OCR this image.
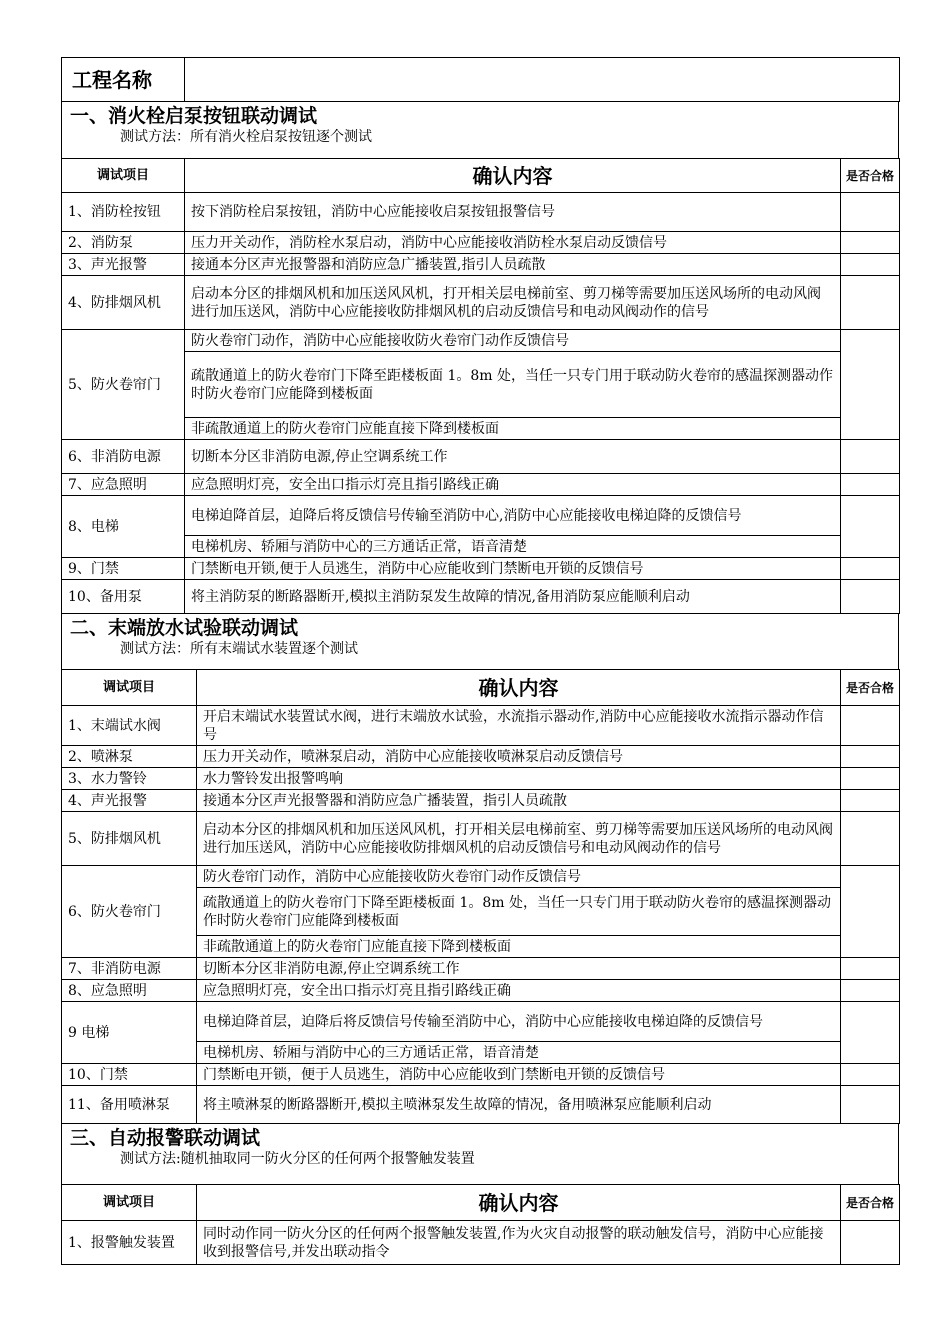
工程名称	
一、消火栓启泵按钮联动调试
测试方法：所有消火栓启泵按钮逐个测试
调试项目	确认内容	是否合格
1、消防栓按钮	按下消防栓启泵按钮，消防中心应能接收启泵按钮报警信号	
2、消防泵	压力开关动作，消防栓水泵启动，消防中心应能接收消防栓水泵启动反馈信号	
3、声光报警	接通本分区声光报警器和消防应急广播装置,指引人员疏散	
4、防排烟风机	启动本分区的排烟风机和加压送风风机，打开相关层电梯前室、剪刀梯等需要加压送风场所的电动风阀进行加压送风，消防中心应能接收防排烟风机的启动反馈信号和电动风阀动作的信号	
5、防火卷帘门	防火卷帘门动作，消防中心应能接收防火卷帘门动作反馈信号	
	疏散通道上的防火卷帘门下降至距楼板面 1。8m 处，当任一只专门用于联动防火卷帘的感温探测器动作时防火卷帘门应能降到楼板面	
	非疏散通道上的防火卷帘门应能直接下降到楼板面	
6、非消防电源	切断本分区非消防电源,停止空调系统工作	
7、应急照明	应急照明灯亮，安全出口指示灯亮且指引路线正确	
8、电梯	电梯迫降首层，迫降后将反馈信号传输至消防中心,消防中心应能接收电梯迫降的反馈信号	
	电梯机房、轿厢与消防中心的三方通话正常，语音清楚	
9、门禁	门禁断电开锁,便于人员逃生，消防中心应能收到门禁断电开锁的反馈信号	
10、备用泵	将主消防泵的断路器断开,模拟主消防泵发生故障的情况,备用消防泵应能顺利启动	
二、末端放水试验联动调试
测试方法：所有末端试水装置逐个测试
调试项目	确认内容	是否合格
1、末端试水阀	开启末端试水装置试水阀，进行末端放水试验，水流指示器动作,消防中心应能接收水流指示器动作信号	
2、喷淋泵	压力开关动作，喷淋泵启动，消防中心应能接收喷淋泵启动反馈信号	
3、水力警铃	水力警铃发出报警鸣响	
4、声光报警	接通本分区声光报警器和消防应急广播装置，指引人员疏散	
5、防排烟风机	启动本分区的排烟风机和加压送风风机，打开相关层电梯前室、剪刀梯等需要加压送风场所的电动风阀进行加压送风，消防中心应能接收防排烟风机的启动反馈信号和电动风阀动作的信号	
6、防火卷帘门	防火卷帘门动作，消防中心应能接收防火卷帘门动作反馈信号	
	疏散通道上的防火卷帘门下降至距楼板面 1。8m 处，当任一只专门用于联动防火卷帘的感温探测器动作时防火卷帘门应能降到楼板面	
	非疏散通道上的防火卷帘门应能直接下降到楼板面	
7、非消防电源	切断本分区非消防电源,停止空调系统工作	
8、应急照明	应急照明灯亮，安全出口指示灯亮且指引路线正确	
9 电梯	电梯迫降首层，迫降后将反馈信号传输至消防中心，消防中心应能接收电梯迫降的反馈信号	
	电梯机房、轿厢与消防中心的三方通话正常，语音清楚	
10、门禁	门禁断电开锁，便于人员逃生，消防中心应能收到门禁断电开锁的反馈信号	
11、备用喷淋泵	将主喷淋泵的断路器断开,模拟主喷淋泵发生故障的情况，备用喷淋泵应能顺利启动	
三、自动报警联动调试
测试方法:随机抽取同一防火分区的任何两个报警触发装置
调试项目	确认内容	是否合格
1、报警触发装置	同时动作同一防火分区的任何两个报警触发装置,作为火灾自动报警的联动触发信号，消防中心应能接收到报警信号,并发出联动指令	
